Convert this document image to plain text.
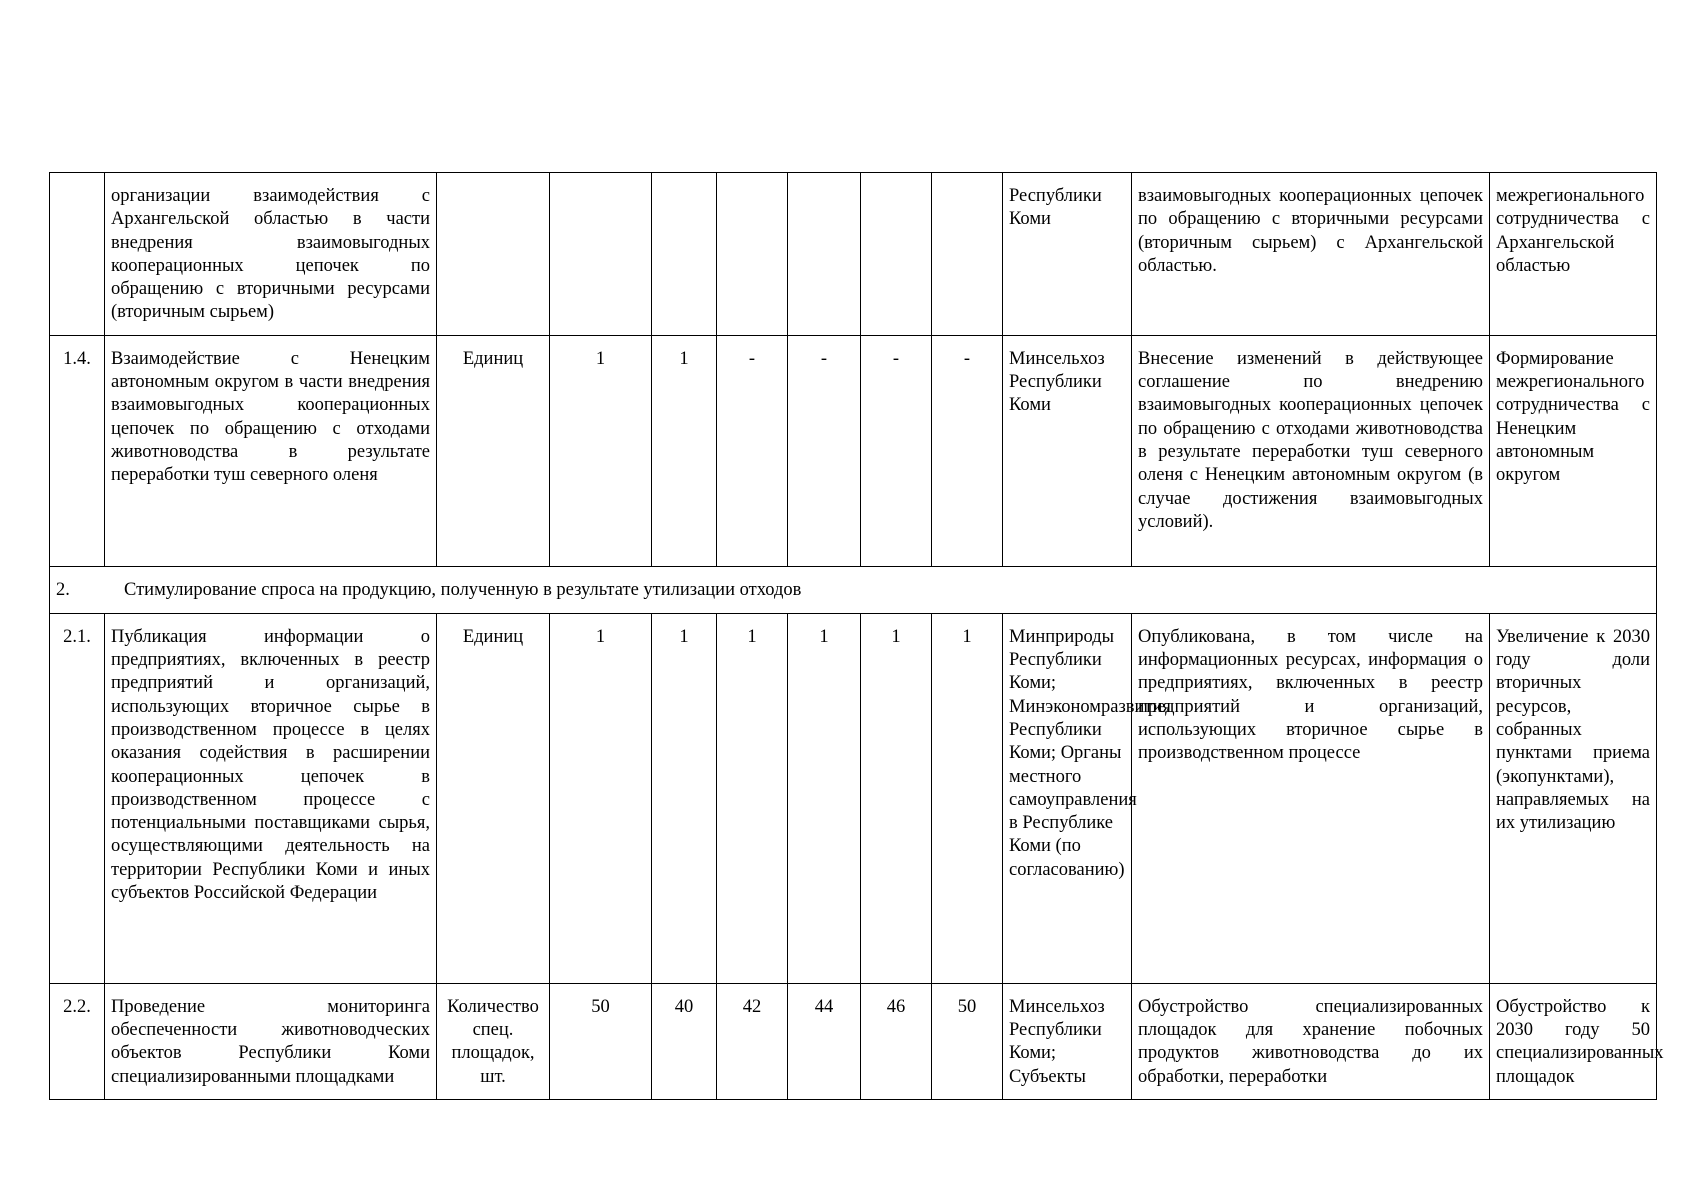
	организации взаимодействия с Архангельской областью в части внедрения взаимовыгодных кооперационных цепочек по обращению с вторичными ресурсами (вторичным сырьем)								Республики Коми	взаимовыгодных кооперационных цепочек по обращению с вторичными ресурсами (вторичным сырьем) с Архангельской областью.	межрегионального сотрудничества с Архангельской областью
1.4.	Взаимодействие с Ненецким автономным округом в части внедрения взаимовыгодных кооперационных цепочек по обращению с отходами животноводства в результате переработки туш северного оленя	Единиц	1	1	-	-	-	-	Минсельхоз Республики Коми	Внесение изменений в действующее соглашение по внедрению взаимовыгодных кооперационных цепочек по обращению с отходами животноводства в результате переработки туш северного оленя с Ненецким автономным округом (в случае достижения взаимовыгодных условий).	Формирование межрегионального сотрудничества с Ненецким автономным округом
2. Стимулирование спроса на продукцию, полученную в результате утилизации отходов											
2.1.	Публикация информации о предприятиях, включенных в реестр предприятий и организаций, использующих вторичное сырье в производственном процессе в целях оказания содействия в расширении кооперационных цепочек в производственном процессе с потенциальными поставщиками сырья, осуществляющими деятельность на территории Республики Коми и иных субъектов Российской Федерации	Единиц	1	1	1	1	1	1	Минприроды Республики Коми; Минэкономразвития Республики Коми; Органы местного самоуправления в Республике Коми (по согласованию)	Опубликована, в том числе на информационных ресурсах, информация о предприятиях, включенных в реестр предприятий и организаций, использующих вторичное сырье в производственном процессе	Увеличение к 2030 году доли вторичных ресурсов, собранных пунктами приема (экопунктами), направляемых на их утилизацию
2.2.	Проведение мониторинга обеспеченности животноводческих объектов Республики Коми специализированными площадками	Количество спец. площадок, шт.	50	40	42	44	46	50	Минсельхоз Республики Коми; Субъекты	Обустройство специализированных площадок для хранение побочных продуктов животноводства до их обработки, переработки	Обустройство к 2030 году 50 специализированных площадок
